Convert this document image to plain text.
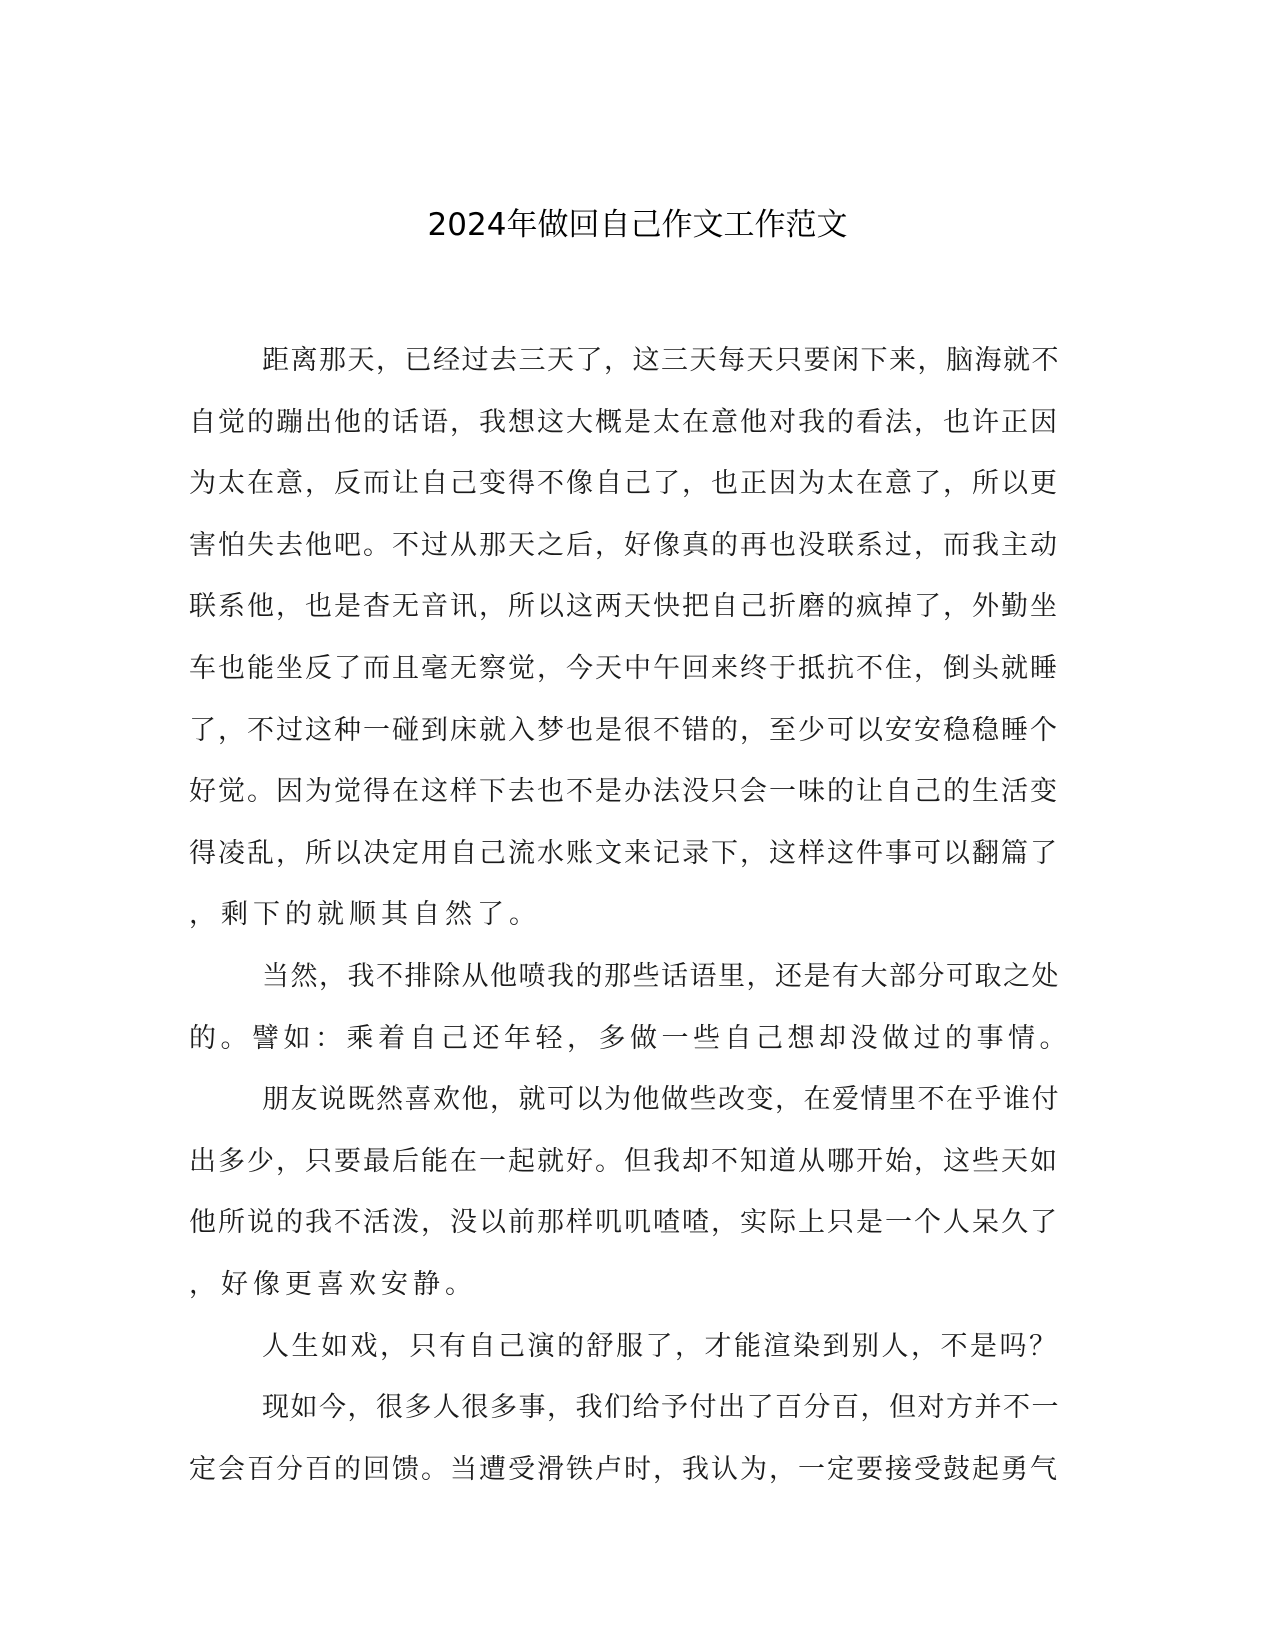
2024年做回自己作文工作范文
距离那天，已经过去三天了，这三天每天只要闲下来，脑海就不
自觉的蹦出他的话语，我想这大概是太在意他对我的看法，也许正因
为太在意，反而让自己变得不像自己了，也正因为太在意了，所以更
害怕失去他吧。不过从那天之后，好像真的再也没联系过，而我主动
联系他，也是杳无音讯，所以这两天快把自己折磨的疯掉了，外勤坐
车也能坐反了而且毫无察觉，今天中午回来终于抵抗不住，倒头就睡
了，不过这种一碰到床就入梦也是很不错的，至少可以安安稳稳睡个
好觉。因为觉得在这样下去也不是办法没只会一味的让自己的生活变
得凌乱，所以决定用自己流水账文来记录下，这样这件事可以翻篇了
，剩下的就顺其自然了。
当然，我不排除从他喷我的那些话语里，还是有大部分可取之处
的。譬如：乘着自己还年轻，多做一些自己想却没做过的事情。
朋友说既然喜欢他，就可以为他做些改变，在爱情里不在乎谁付
出多少，只要最后能在一起就好。但我却不知道从哪开始，这些天如
他所说的我不活泼，没以前那样叽叽喳喳，实际上只是一个人呆久了
，好像更喜欢安静。
人生如戏，只有自己演的舒服了，才能渲染到别人，不是吗？
现如今，很多人很多事，我们给予付出了百分百，但对方并不一
定会百分百的回馈。当遭受滑铁卢时，我认为，一定要接受鼓起勇气
